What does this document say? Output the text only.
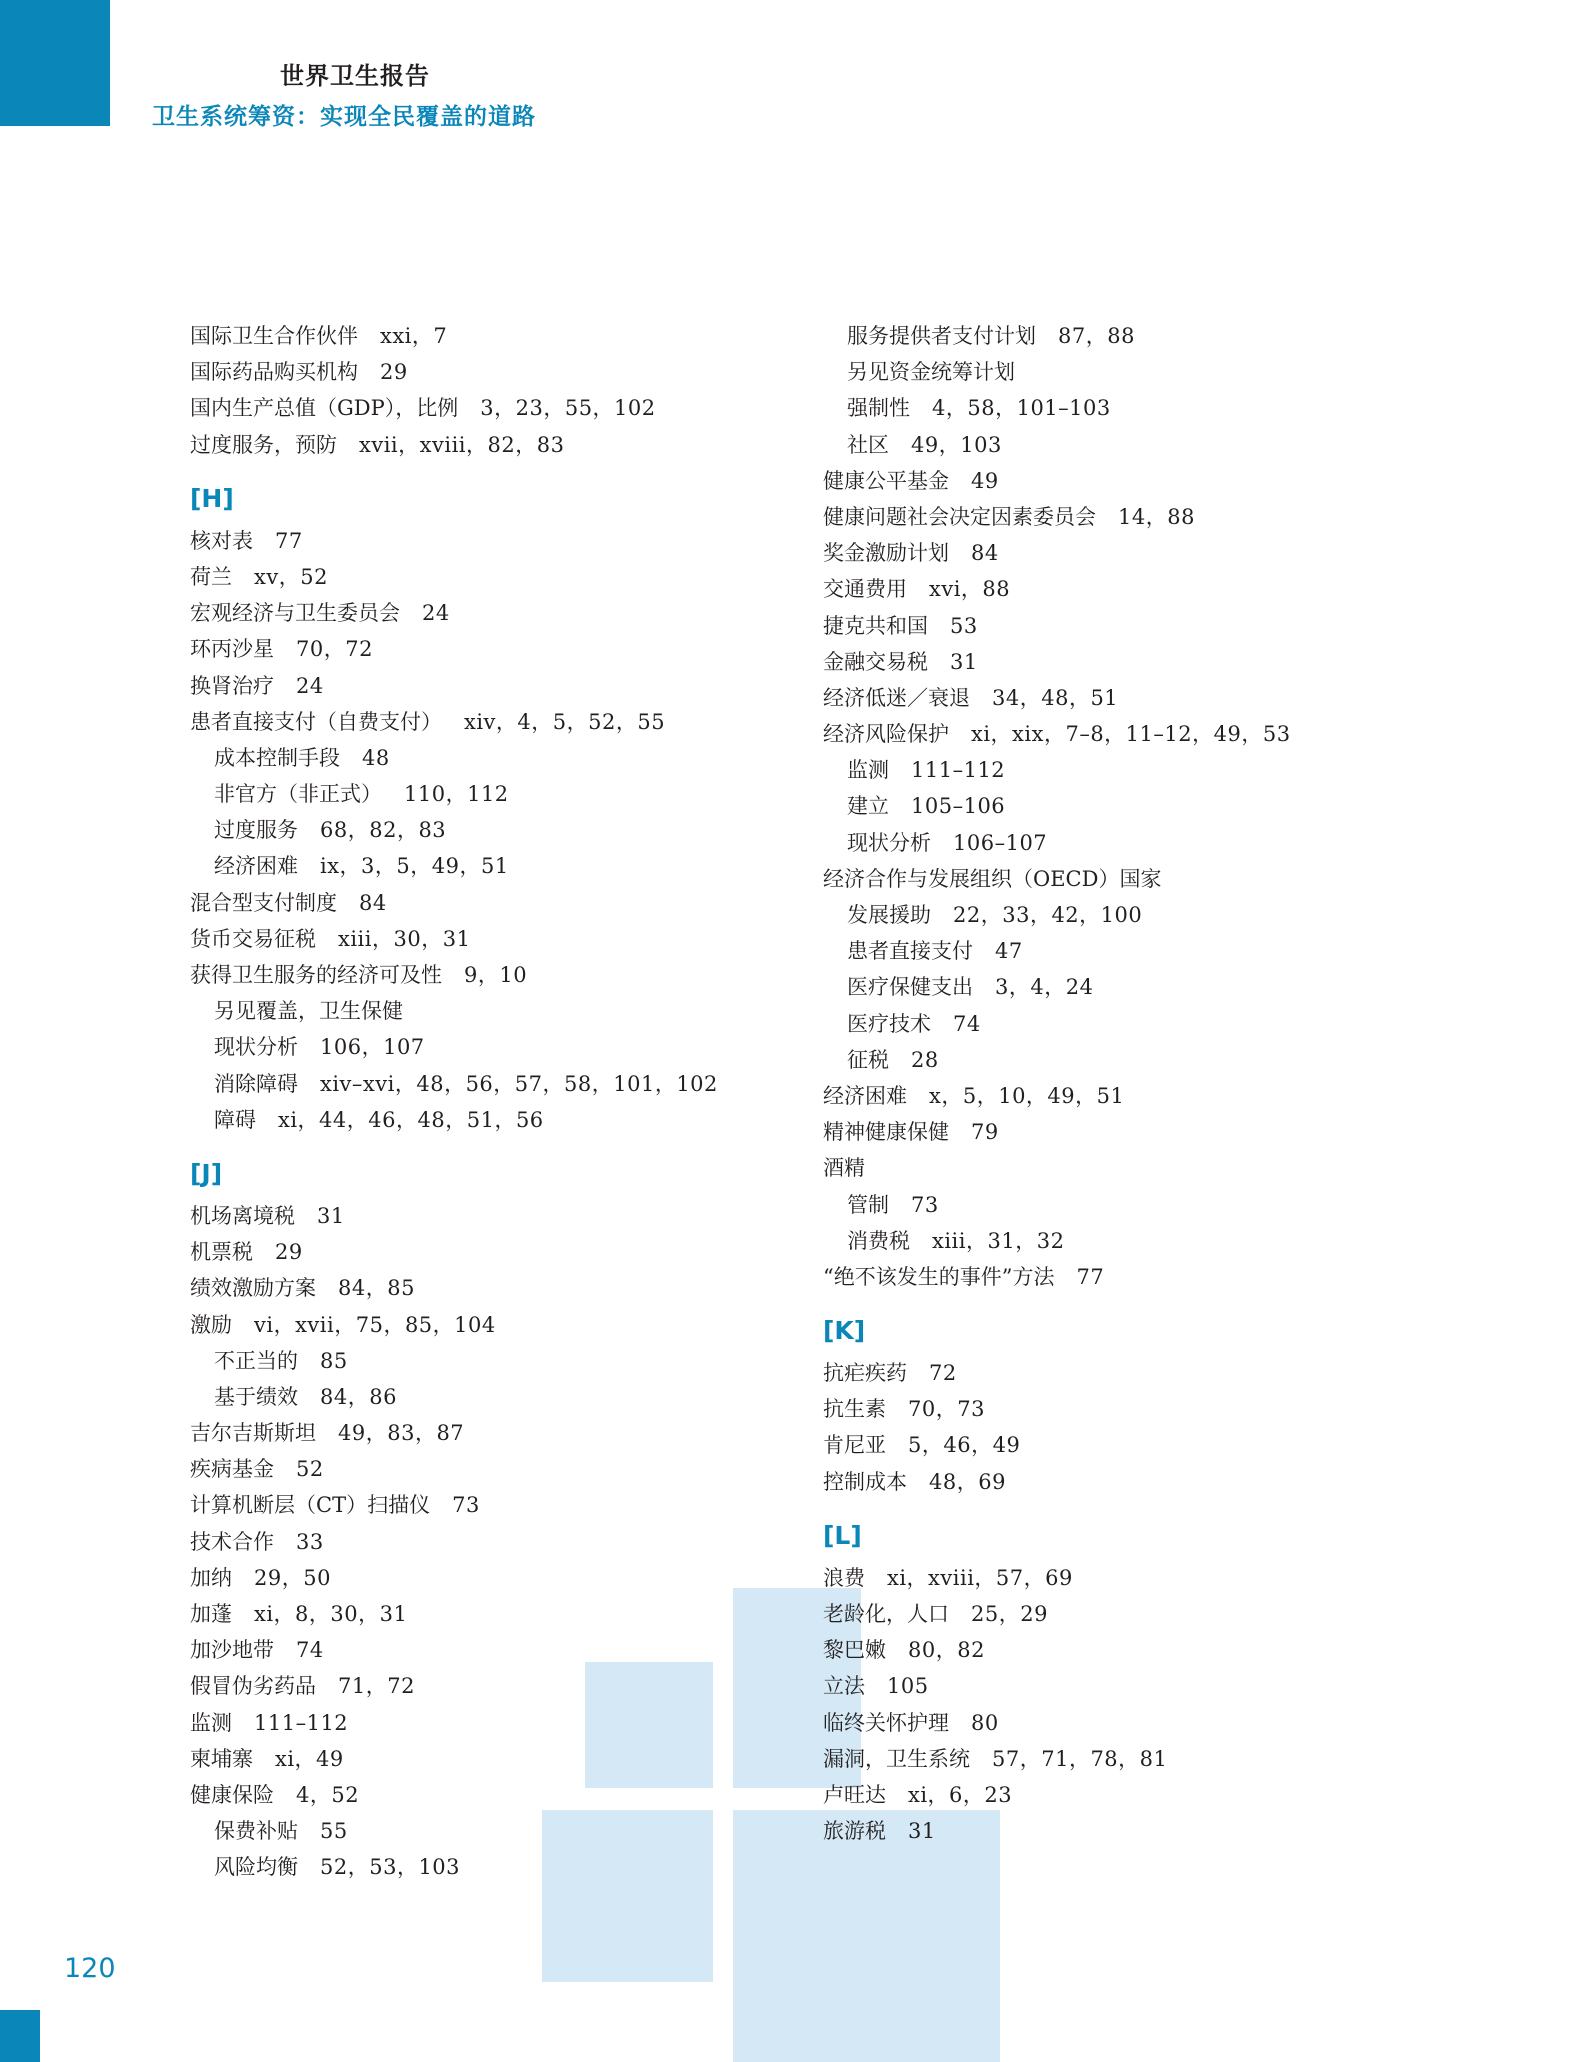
世界卫生报告
卫生系统筹资：实现全民覆盖的道路
国际卫生合作伙伴 xxi，7
国际药品购买机构 29
国内生产总值（GDP），比例 3，23，55，102
过度服务，预防 xvii，xviii，82，83
[H]
核对表 77
荷兰 xv，52
宏观经济与卫生委员会 24
环丙沙星 70，72
换肾治疗 24
患者直接支付（自费支付） xiv，4，5，52，55
成本控制手段 48
非官方（非正式） 110，112
过度服务 68，82，83
经济困难 ix，3，5，49，51
混合型支付制度 84
货币交易征税 xiii，30，31
获得卫生服务的经济可及性 9，10
另见覆盖，卫生保健
现状分析 106，107
消除障碍 xiv–xvi，48，56，57，58，101，102
障碍 xi，44，46，48，51，56
[J]
机场离境税 31
机票税 29
绩效激励方案 84，85
激励 vi，xvii，75，85，104
不正当的 85
基于绩效 84，86
吉尔吉斯斯坦 49，83，87
疾病基金 52
计算机断层（CT）扫描仪 73
技术合作 33
加纳 29，50
加蓬 xi，8，30，31
加沙地带 74
假冒伪劣药品 71，72
监测 111–112
柬埔寨 xi，49
健康保险 4，52
保费补贴 55
风险均衡 52，53，103
服务提供者支付计划 87，88
另见资金统筹计划
强制性 4，58，101–103
社区 49，103
健康公平基金 49
健康问题社会决定因素委员会 14，88
奖金激励计划 84
交通费用 xvi，88
捷克共和国 53
金融交易税 31
经济低迷／衰退 34，48，51
经济风险保护 xi，xix，7–8，11–12，49，53
监测 111–112
建立 105–106
现状分析 106–107
经济合作与发展组织（OECD）国家
发展援助 22，33，42，100
患者直接支付 47
医疗保健支出 3，4，24
医疗技术 74
征税 28
经济困难 x，5，10，49，51
精神健康保健 79
酒精
管制 73
消费税 xiii，31，32
“绝不该发生的事件”方法 77
[K]
抗疟疾药 72
抗生素 70，73
肯尼亚 5，46，49
控制成本 48，69
[L]
浪费 xi，xviii，57，69
老龄化，人口 25，29
黎巴嫩 80，82
立法 105
临终关怀护理 80
漏洞，卫生系统 57，71，78，81
卢旺达 xi，6，23
旅游税 31
120
